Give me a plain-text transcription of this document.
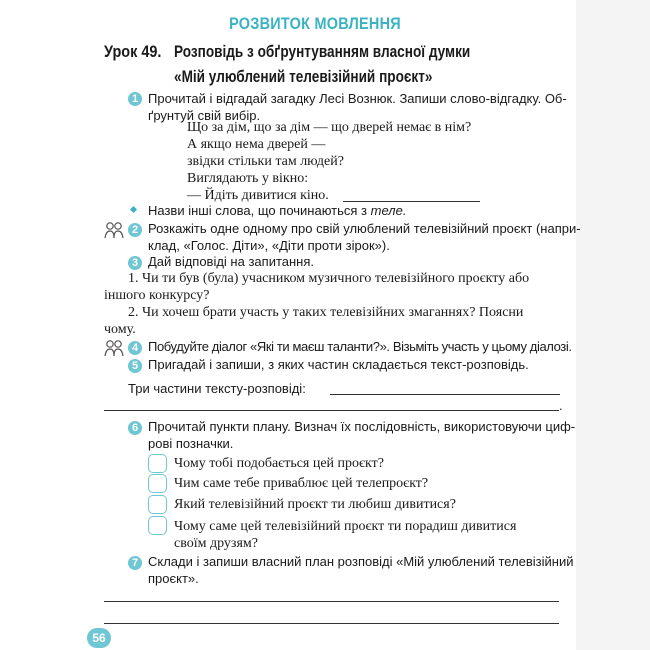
РОЗВИТОК МОВЛЕННЯ
Урок 49. Розповідь з обґрунтуванням власної думки
«Мій улюблений телевізійний проєкт»
1 Прочитай і відгадай загадку Лесі Вознюк. Запиши слово-відгадку. Об-
ґрунтуй свій вибір.
Що за дім, що за дім — що дверей немає в нім?
А якщо нема дверей —
звідки стільки там людей?
Виглядають у вікно:
— Йдіть дивитися кіно.
Назви інші слова, що починаються з теле.
2 Розкажіть одне одному про свій улюблений телевізійний проєкт (напри-
клад, «Голос. Діти», «Діти проти зірок»).
3 Дай відповіді на запитання.
1. Чи ти був (була) учасником музичного телевізійного проєкту або
іншого конкурсу?
2. Чи хочеш брати участь у таких телевізійних змаганнях? Поясни
чому.
4 Побудуйте діалог «Які ти маєш таланти?». Візьміть участь у цьому діалозі.
5 Пригадай і запиши, з яких частин складається текст-розповідь.
Три частини тексту-розповіді:
.
6 Прочитай пункти плану. Визнач їх послідовність, використовуючи циф-
рові позначки.
Чому тобі подобається цей проєкт?
Чим саме тебе приваблює цей телепроєкт?
Який телевізійний проєкт ти любиш дивитися?
Чому саме цей телевізійний проєкт ти порадиш дивитися
своїм друзям?
7 Склади і запиши власний план розповіді «Мій улюблений телевізійний
проєкт».
56
